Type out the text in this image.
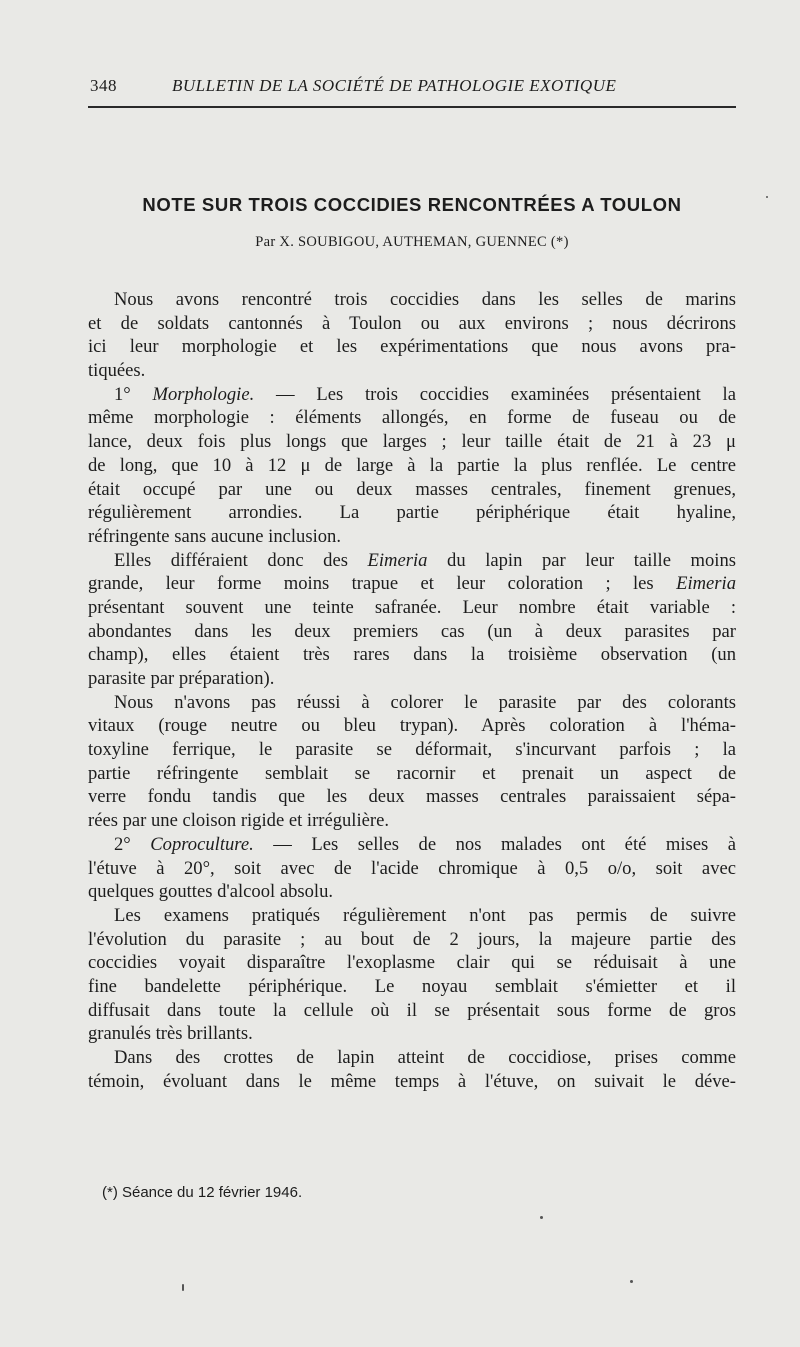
348	BULLETIN DE LA SOCIÉTÉ DE PATHOLOGIE EXOTIQUE
NOTE SUR TROIS COCCIDIES RENCONTRÉES A TOULON
Par X. SOUBIGOU, AUTHEMAN, GUENNEC (*)
Nous avons rencontré trois coccidies dans les selles de marins
et de soldats cantonnés à Toulon ou aux environs ; nous décrirons
ici leur morphologie et les expérimentations que nous avons pra-
tiquées.
1° Morphologie. — Les trois coccidies examinées présentaient la
même morphologie : éléments allongés, en forme de fuseau ou de
lance, deux fois plus longs que larges ; leur taille était de 21 à 23 μ
de long, que 10 à 12 μ de large à la partie la plus renflée. Le centre
était occupé par une ou deux masses centrales, finement grenues,
régulièrement arrondies. La partie périphérique était hyaline,
réfringente sans aucune inclusion.
Elles différaient donc des Eimeria du lapin par leur taille moins
grande, leur forme moins trapue et leur coloration ; les Eimeria
présentant souvent une teinte safranée. Leur nombre était variable :
abondantes dans les deux premiers cas (un à deux parasites par
champ), elles étaient très rares dans la troisième observation (un
parasite par préparation).
Nous n'avons pas réussi à colorer le parasite par des colorants
vitaux (rouge neutre ou bleu trypan). Après coloration à l'héma-
toxyline ferrique, le parasite se déformait, s'incurvant parfois ; la
partie réfringente semblait se racornir et prenait un aspect de
verre fondu tandis que les deux masses centrales paraissaient sépa-
rées par une cloison rigide et irrégulière.
2° Coproculture. — Les selles de nos malades ont été mises à
l'étuve à 20°, soit avec de l'acide chromique à 0,5 o/o, soit avec
quelques gouttes d'alcool absolu.
Les examens pratiqués régulièrement n'ont pas permis de suivre
l'évolution du parasite ; au bout de 2 jours, la majeure partie des
coccidies voyait disparaître l'exoplasme clair qui se réduisait à une
fine bandelette périphérique. Le noyau semblait s'émietter et il
diffusait dans toute la cellule où il se présentait sous forme de gros
granulés très brillants.
Dans des crottes de lapin atteint de coccidiose, prises comme
témoin, évoluant dans le même temps à l'étuve, on suivait le déve-
(*) Séance du 12 février 1946.
